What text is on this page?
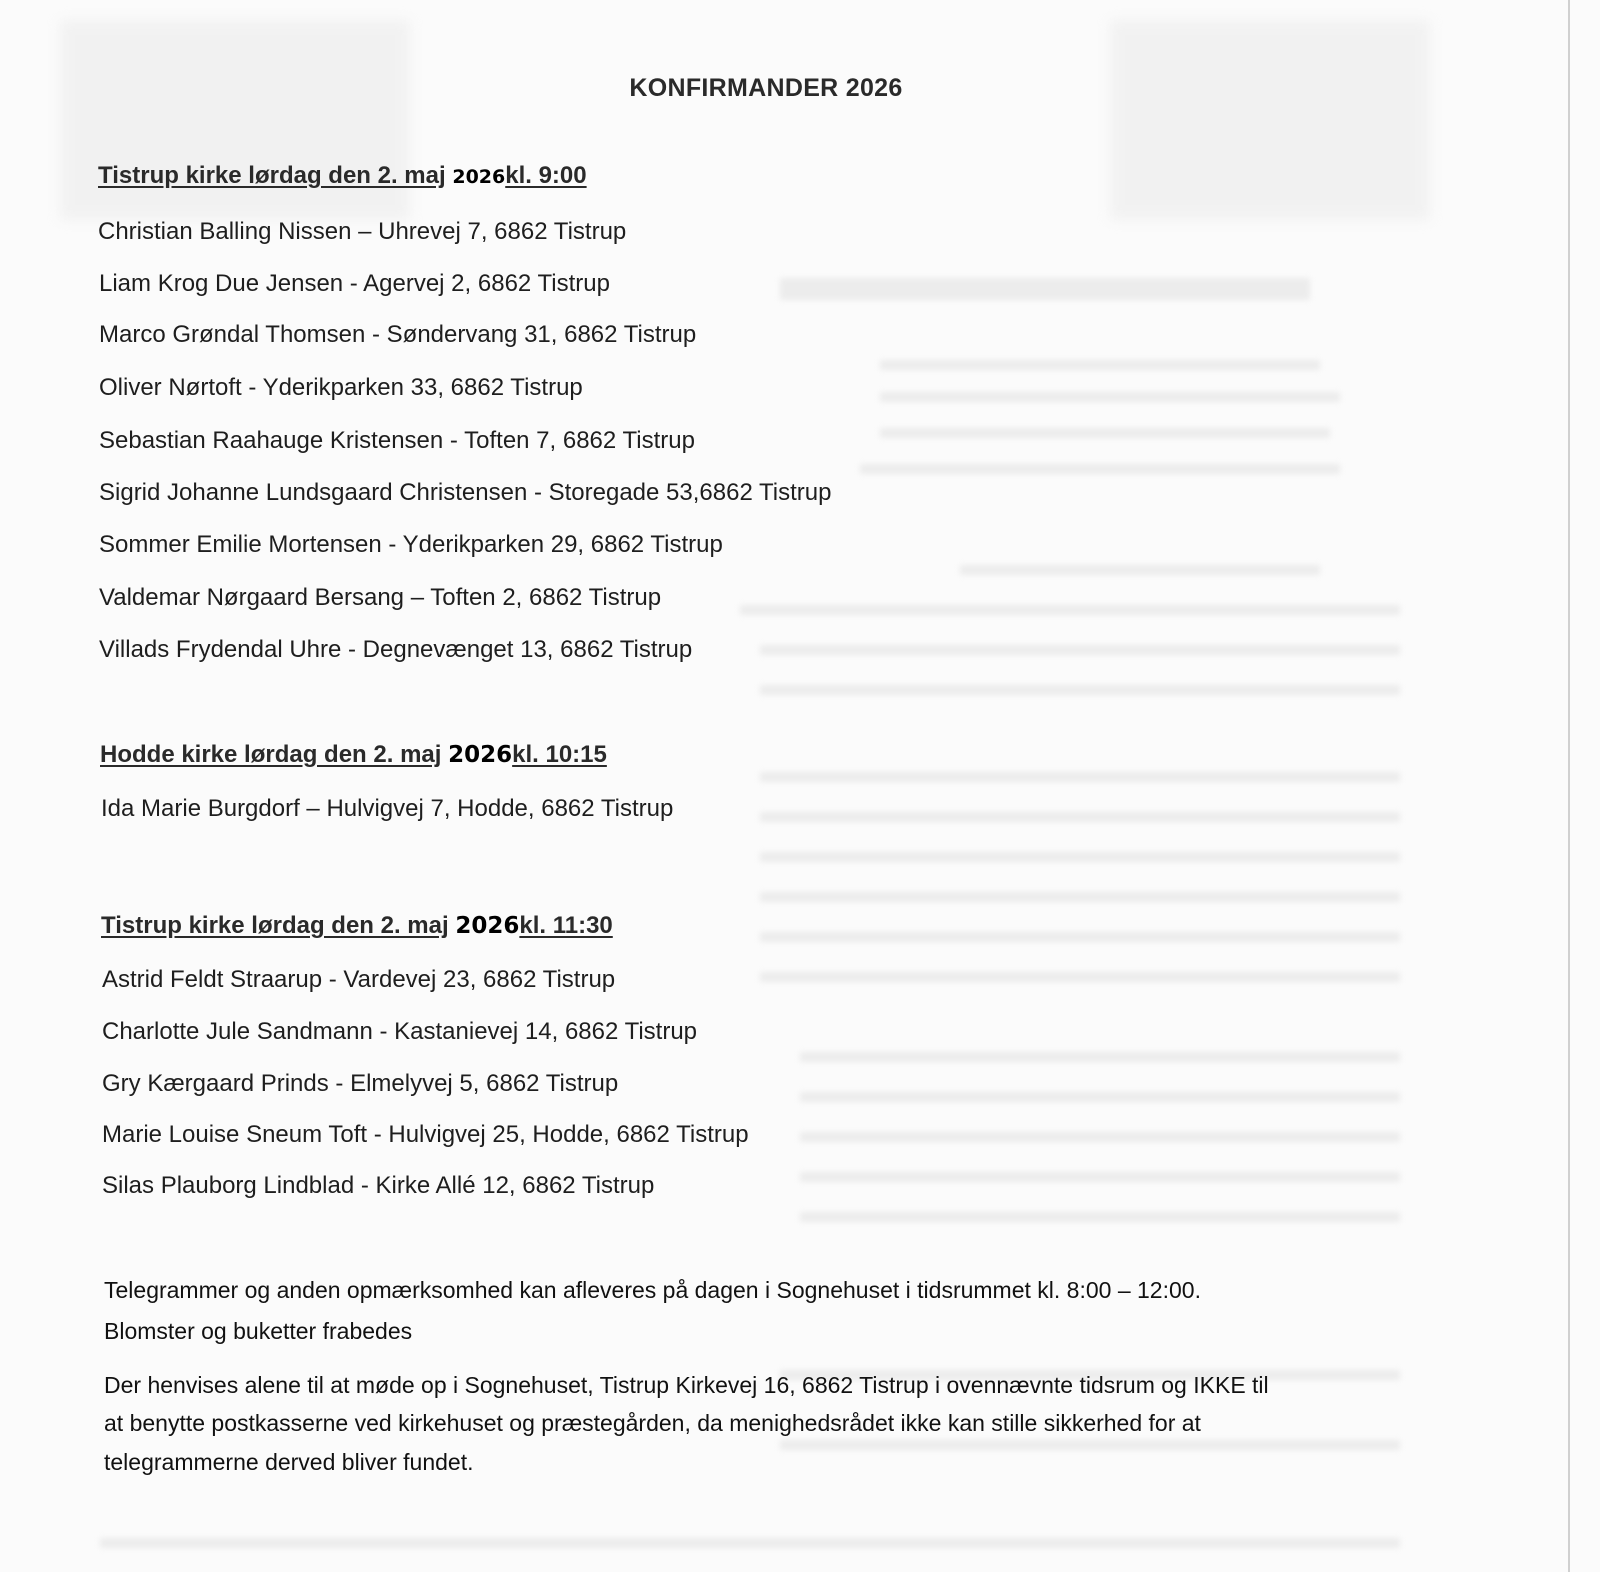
KONFIRMANDER 2026
Tistrup kirke lørdag den 2. maj 2026kl. 9:00
Christian Balling Nissen – Uhrevej 7, 6862 Tistrup
Liam Krog Due Jensen - Agervej 2, 6862 Tistrup
Marco Grøndal Thomsen - Søndervang 31, 6862 Tistrup
Oliver Nørtoft - Yderikparken 33, 6862 Tistrup
Sebastian Raahauge Kristensen - Toften 7, 6862 Tistrup
Sigrid Johanne Lundsgaard Christensen - Storegade 53,6862 Tistrup
Sommer Emilie Mortensen - Yderikparken 29, 6862 Tistrup
Valdemar Nørgaard Bersang – Toften 2, 6862 Tistrup
Villads Frydendal Uhre - Degnevænget 13, 6862 Tistrup
Hodde kirke lørdag den 2. maj 2026kl. 10:15
Ida Marie Burgdorf – Hulvigvej 7, Hodde, 6862 Tistrup
Tistrup kirke lørdag den 2. maj 2026kl. 11:30
Astrid Feldt Straarup - Vardevej 23, 6862 Tistrup
Charlotte Jule Sandmann - Kastanievej 14, 6862 Tistrup
Gry Kærgaard Prinds - Elmelyvej 5, 6862 Tistrup
Marie Louise Sneum Toft - Hulvigvej 25, Hodde, 6862 Tistrup
Silas Plauborg Lindblad - Kirke Allé 12, 6862 Tistrup
Telegrammer og anden opmærksomhed kan afleveres på dagen i Sognehuset i tidsrummet kl. 8:00 – 12:00.
Blomster og buketter frabedes
Der henvises alene til at møde op i Sognehuset, Tistrup Kirkevej 16, 6862 Tistrup i ovennævnte tidsrum og IKKE til
at benytte postkasserne ved kirkehuset og præstegården, da menighedsrådet ikke kan stille sikkerhed for at
telegrammerne derved bliver fundet.
